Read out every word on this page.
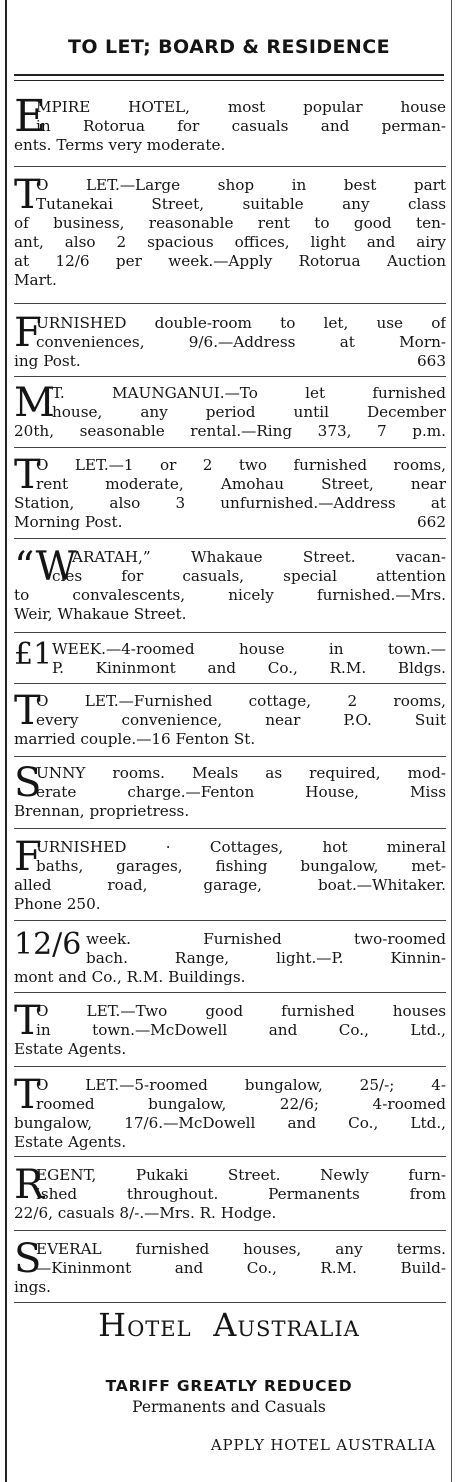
TO LET; BOARD & RESIDENCE
E
MPIRE HOTEL, most popular house
in Rotorua for casuals and perman-
ents. Terms very moderate.
T
O LET.—Large shop in best part
Tutanekai Street, suitable any class
of business, reasonable rent to good ten-
ant, also 2 spacious offices, light and airy
at 12/6 per week.—Apply Rotorua Auction
Mart.
F
URNISHED double-room to let, use of
conveniences, 9/6.—Address at Morn-
ing Post.	663
M
T. MAUNGANUI.—To let furnished
house, any period until December
20th, seasonable rental.—Ring 373, 7 p.m.
T
O LET.—1 or 2 two furnished rooms,
rent moderate, Amohau Street, near
Station, also 3 unfurnished.—Address at
Morning Post.	662
“W
ARATAH,” Whakaue Street. vacan-
cies for casuals, special attention
to convalescents, nicely furnished.—Mrs.
Weir, Whakaue Street.
£1 WEEK.—4-roomed house in town.—
P. Kininmont and Co., R.M. Bldgs.
T
O LET.—Furnished cottage, 2 rooms,
every convenience, near P.O. Suit
married couple.—16 Fenton St.
S
UNNY rooms. Meals as required, mod-
erate charge.—Fenton House, Miss
Brennan, proprietress.
F
URNISHED · Cottages, hot mineral
baths, garages, fishing bungalow, met-
alled road, garage, boat.—Whitaker.
Phone 250.
12/6 week. Furnished two-roomed
bach. Range, light.—P. Kinnin-
mont and Co., R.M. Buildings.
T
O LET.—Two good furnished houses
in town.—McDowell and Co., Ltd.,
Estate Agents.
T
O LET.—5-roomed bungalow, 25/-; 4-
roomed bungalow, 22/6; 4-roomed
bungalow, 17/6.—McDowell and Co., Ltd.,
Estate Agents.
R
EGENT, Pukaki Street. Newly furn-
ished throughout. Permanents from
22/6, casuals 8/-.—Mrs. R. Hodge.
S
EVERAL furnished houses, any terms.
—Kininmont and Co., R.M. Build-
ings.
HOTEL AUSTRALIA
TARIFF GREATLY REDUCED
Permanents and Casuals
APPLY HOTEL AUSTRALIA
